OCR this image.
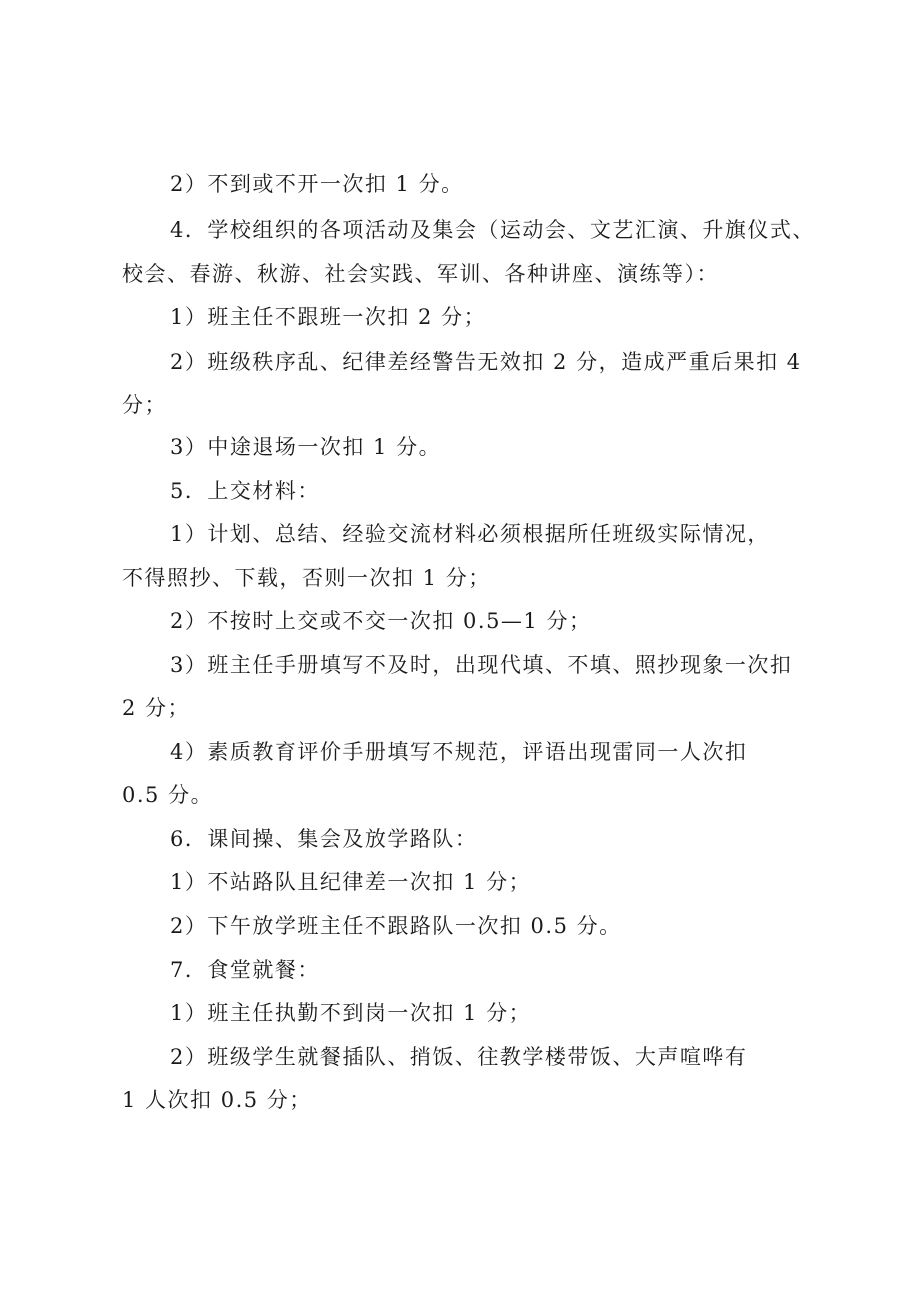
2）不到或不开一次扣 1 分。
4．学校组织的各项活动及集会（运动会、文艺汇演、升旗仪式、
校会、春游、秋游、社会实践、军训、各种讲座、演练等）：
1）班主任不跟班一次扣 2 分；
2）班级秩序乱、纪律差经警告无效扣 2 分，造成严重后果扣 4
分；
3）中途退场一次扣 1 分。
5．上交材料：
1）计划、总结、经验交流材料必须根据所任班级实际情况，
不得照抄、下载，否则一次扣 1 分；
2）不按时上交或不交一次扣 0.5—1 分；
3）班主任手册填写不及时，出现代填、不填、照抄现象一次扣
2 分；
4）素质教育评价手册填写不规范，评语出现雷同一人次扣
0.5 分。
6．课间操、集会及放学路队：
1）不站路队且纪律差一次扣 1 分；
2）下午放学班主任不跟路队一次扣 0.5 分。
7．食堂就餐：
1）班主任执勤不到岗一次扣 1 分；
2）班级学生就餐插队、捎饭、往教学楼带饭、大声喧哗有
1 人次扣 0.5 分；
